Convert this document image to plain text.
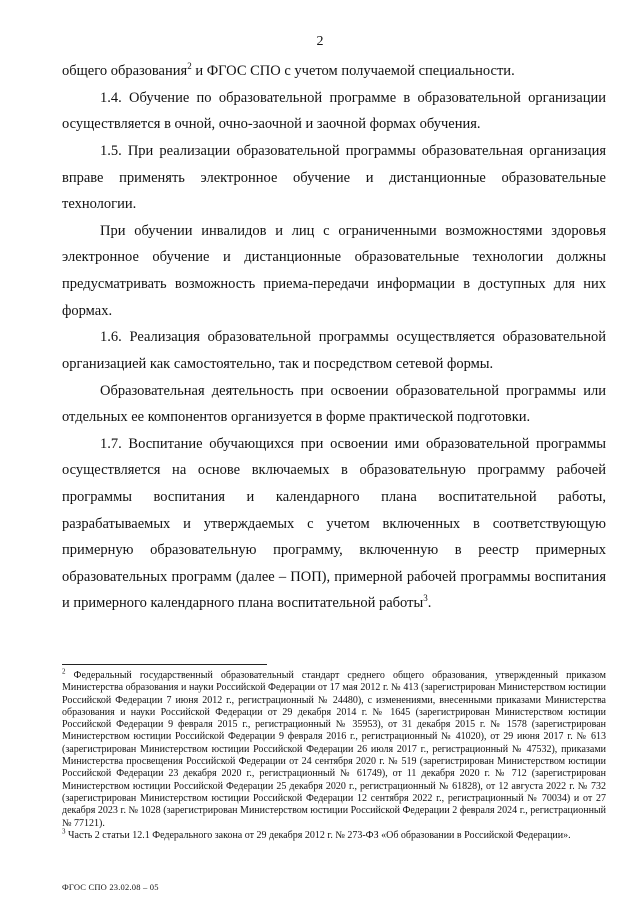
2

общего образования$^2$ и ФГОС СПО с учетом получаемой специальности.

1.4. Обучение по образовательной программе в образовательной организации осуществляется в очной, очно-заочной и заочной формах обучения.

1.5. При реализации образовательной программы образовательная организация вправе применять электронное обучение и дистанционные образовательные технологии.

При обучении инвалидов и лиц с ограниченными возможностями здоровья электронное обучение и дистанционные образовательные технологии должны предусматривать возможность приема-передачи информации в доступных для них формах.

1.6. Реализация образовательной программы осуществляется образовательной организацией как самостоятельно, так и посредством сетевой формы.

Образовательная деятельность при освоении образовательной программы или отдельных ее компонентов организуется в форме практической подготовки.

1.7. Воспитание обучающихся при освоении ими образовательной программы осуществляется на основе включаемых в образовательную программу рабочей программы воспитания и календарного плана воспитательной работы, разрабатываемых и утверждаемых с учетом включенных в соответствующую примерную образовательную программу, включенную в реестр примерных образовательных программ (далее – ПОП), примерной рабочей программы воспитания и примерного календарного плана воспитательной работы$^3$.

$^2$ Федеральный государственный образовательный стандарт среднего общего образования, утвержденный приказом Министерства образования и науки Российской Федерации от 17 мая 2012 г. № 413 (зарегистрирован Министерством юстиции Российской Федерации 7 июня 2012 г., регистрационный № 24480), с изменениями, внесенными приказами Министерства образования и науки Российской Федерации от 29 декабря 2014 г. № 1645 (зарегистрирован Министерством юстиции Российской Федерации 9 февраля 2015 г., регистрационный № 35953), от 31 декабря 2015 г. № 1578 (зарегистрирован Министерством юстиции Российской Федерации 9 февраля 2016 г., регистрационный № 41020), от 29 июня 2017 г. № 613 (зарегистрирован Министерством юстиции Российской Федерации 26 июля 2017 г., регистрационный № 47532), приказами Министерства просвещения Российской Федерации от 24 сентября 2020 г. № 519 (зарегистрирован Министерством юстиции Российской Федерации 23 декабря 2020 г., регистрационный № 61749), от 11 декабря 2020 г. № 712 (зарегистрирован Министерством юстиции Российской Федерации 25 декабря 2020 г., регистрационный № 61828), от 12 августа 2022 г. № 732 (зарегистрирован Министерством юстиции Российской Федерации 12 сентября 2022 г., регистрационный № 70034) и от 27 декабря 2023 г. № 1028 (зарегистрирован Министерством юстиции Российской Федерации 2 февраля 2024 г., регистрационный № 77121).

$^3$ Часть 2 статьи 12.1 Федерального закона от 29 декабря 2012 г. № 273-ФЗ «Об образовании в Российской Федерации».

ФГОС СПО 23.02.08 – 05
